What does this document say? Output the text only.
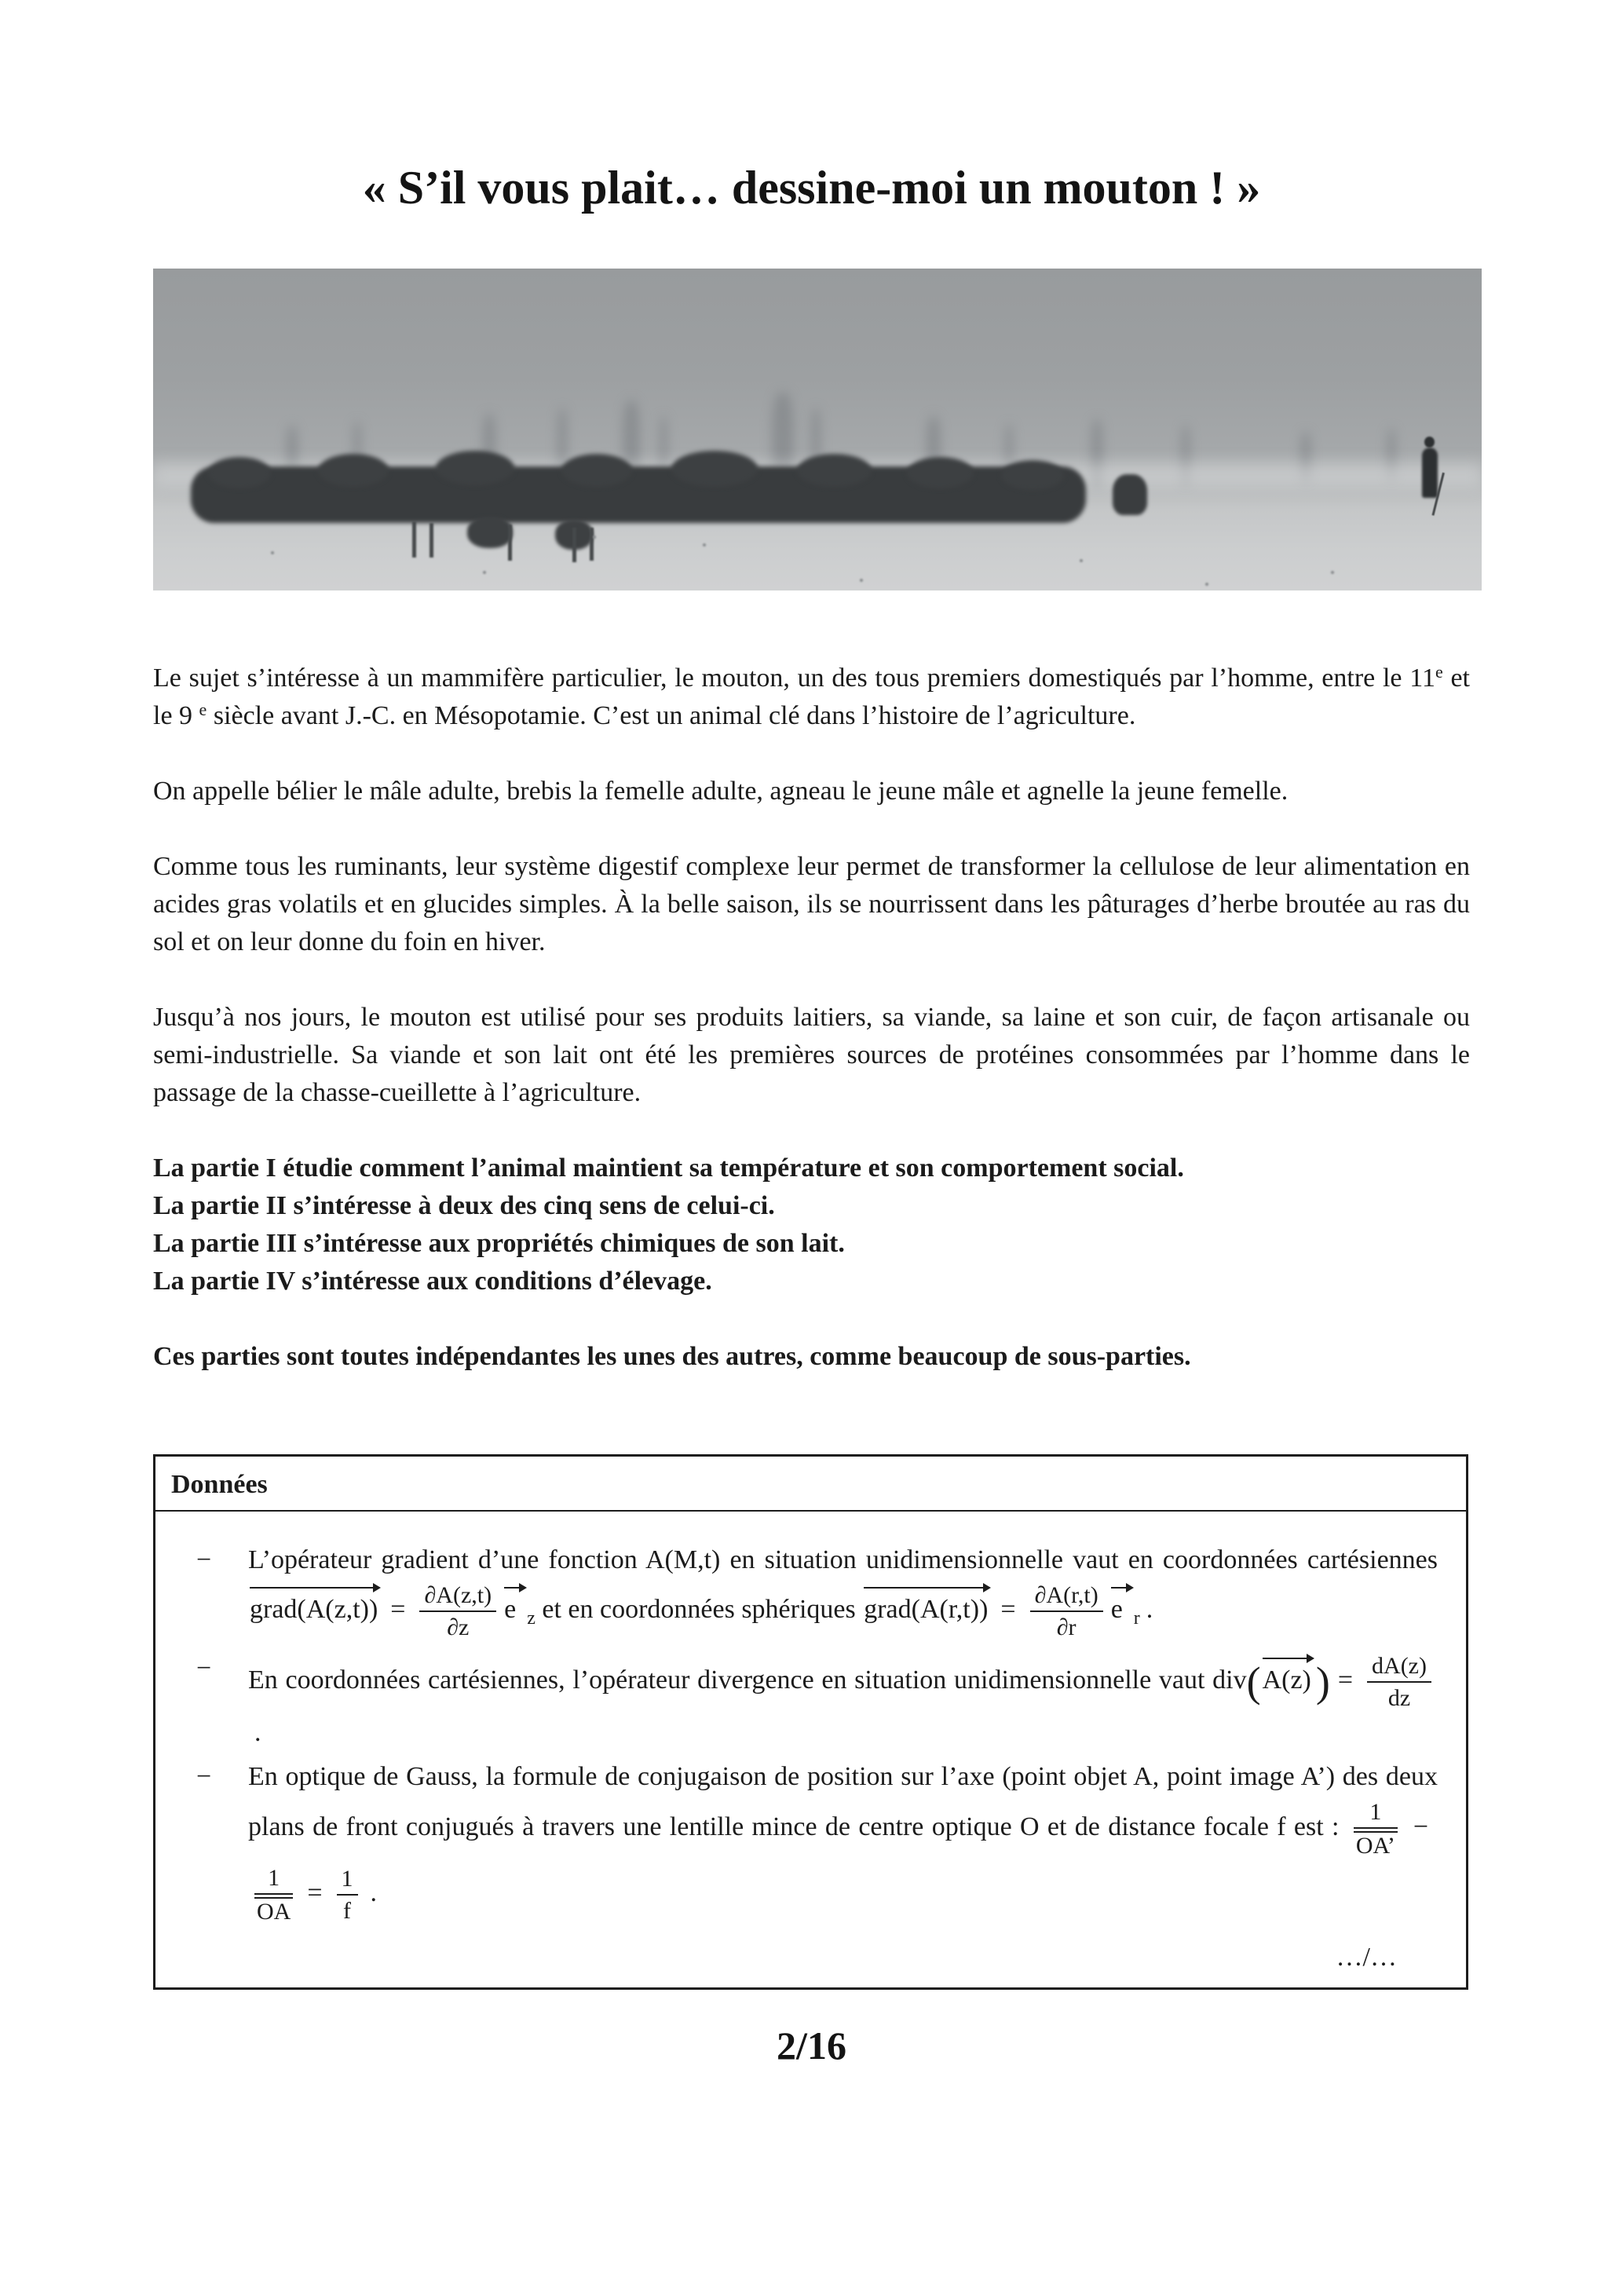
« S’il vous plait… dessine-moi un mouton ! »

Le sujet s’intéresse à un mammifère particulier, le mouton, un des tous premiers domestiqués par l’homme, entre le 11e et le 9 $^e$ siècle avant J.-C. en Mésopotamie. C’est un animal clé dans l’histoire de l’agriculture.

On appelle bélier le mâle adulte, brebis la femelle adulte, agneau le jeune mâle et agnelle la jeune femelle.

Comme tous les ruminants, leur système digestif complexe leur permet de transformer la cellulose de leur alimentation en acides gras volatils et en glucides simples. À la belle saison, ils se nourrissent dans les pâturages d’herbe broutée au ras du sol et on leur donne du foin en hiver.

Jusqu’à nos jours, le mouton est utilisé pour ses produits laitiers, sa viande, sa laine et son cuir, de façon artisanale ou semi-industrielle. Sa viande et son lait ont été les premières sources de protéines consommées par l’homme dans le passage de la chasse-cueillette à l’agriculture.

La partie I étudie comment l’animal maintient sa température et son comportement social.
La partie II s’intéresse à deux des cinq sens de celui-ci.
La partie III s’intéresse aux propriétés chimiques de son lait.
La partie IV s’intéresse aux conditions d’élevage.

Ces parties sont toutes indépendantes les unes des autres, comme beaucoup de sous-parties.

Données
− L’opérateur gradient d’une fonction A(M,t) en situation unidimensionnelle vaut en coordonnées cartésiennes
grad(A(z,t)) = $\frac{\partial A(z,t)}{\partial z}$ e $_z$ et en coordonnées sphériques
grad(A(r,t)) = $\frac{\partial A(r,t)}{\partial r}$ e $_r$ .
− En coordonnées cartésiennes, l’opérateur divergence en situation unidimensionnelle vaut div(
A(z) ) = $\frac{dA(z)}{dz}$
.
− En optique de Gauss, la formule de conjugaison de position sur l’axe (point objet A, point image A’) des deux plans de front conjugués à travers une lentille mince de centre optique O et de distance focale f est : $\frac{1}{OA’}$ −
$\frac{1}{OA} = \frac{1}{f}$ .
…/…
2/16
